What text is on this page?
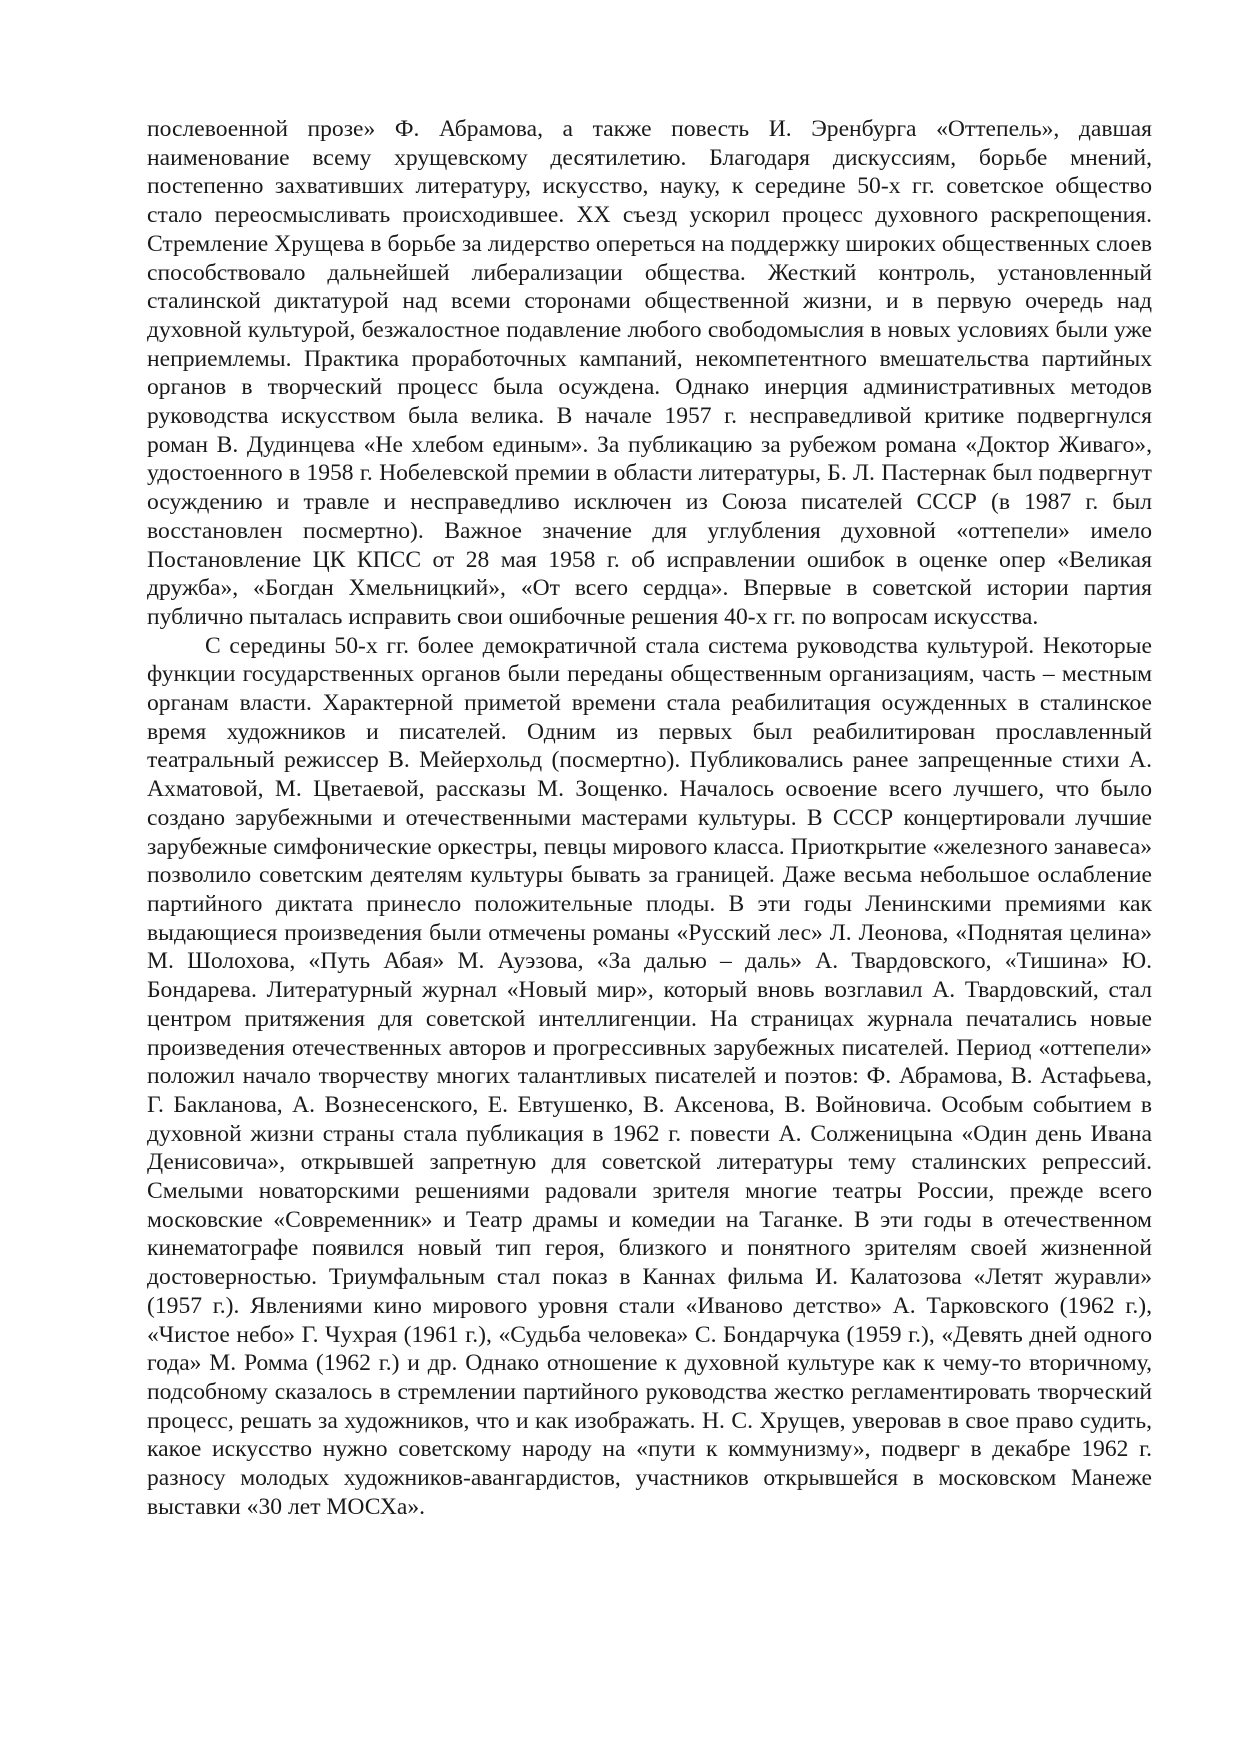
послевоенной прозе» Ф. Абрамова, а также повесть И. Эренбурга «Оттепель», давшая наименование всему хрущевскому десятилетию. Благодаря дискуссиям, борьбе мнений, постепенно захвативших литературу, искусство, науку, к середине 50-х гг. советское общество стало переосмысливать происходившее. XX съезд ускорил процесс духовного раскрепощения. Стремление Хрущева в борьбе за лидерство опереться на поддержку широких общественных слоев способствовало дальнейшей либерализации общества. Жесткий контроль, установленный сталинской диктатурой над всеми сторонами общественной жизни, и в первую очередь над духовной культурой, безжалостное подавление любого свободомыслия в новых условиях были уже неприемлемы. Практика проработочных кампаний, некомпетентного вмешательства партийных органов в творческий процесс была осуждена. Однако инерция административных методов руководства искусством была велика. В начале 1957 г. несправедливой критике подвергнулся роман В. Дудинцева «Не хлебом единым». За публикацию за рубежом романа «Доктор Живаго», удостоенного в 1958 г. Нобелевской премии в области литературы, Б. Л. Пастернак был подвергнут осуждению и травле и несправедливо исключен из Союза писателей СССР (в 1987 г. был восстановлен посмертно). Важное значение для углубления духовной «оттепели» имело Постановление ЦК КПСС от 28 мая 1958 г. об исправлении ошибок в оценке опер «Великая дружба», «Богдан Хмельницкий», «От всего сердца». Впервые в советской истории партия публично пыталась исправить свои ошибочные решения 40-х гг. по вопросам искусства.

С середины 50-х гг. более демократичной стала система руководства культурой. Некоторые функции государственных органов были переданы общественным организациям, часть – местным органам власти. Характерной приметой времени стала реабилитация осужденных в сталинское время художников и писателей. Одним из первых был реабилитирован прославленный театральный режиссер В. Мейерхольд (посмертно). Публиковались ранее запрещенные стихи А. Ахматовой, М. Цветаевой, рассказы М. Зощенко. Началось освоение всего лучшего, что было создано зарубежными и отечественными мастерами культуры. В СССР концертировали лучшие зарубежные симфонические оркестры, певцы мирового класса. Приоткрытие «железного занавеса» позволило советским деятелям культуры бывать за границей. Даже весьма небольшое ослабление партийного диктата принесло положительные плоды. В эти годы Ленинскими премиями как выдающиеся произведения были отмечены романы «Русский лес» Л. Леонова, «Поднятая целина» М. Шолохова, «Путь Абая» М. Ауэзова, «За далью – даль» А. Твардовского, «Тишина» Ю. Бондарева. Литературный журнал «Новый мир», который вновь возглавил А. Твардовский, стал центром притяжения для советской интеллигенции. На страницах журнала печатались новые произведения отечественных авторов и прогрессивных зарубежных писателей. Период «оттепели» положил начало творчеству многих талантливых писателей и поэтов: Ф. Абрамова, В. Астафьева, Г. Бакланова, А. Вознесенского, Е. Евтушенко, В. Аксенова, В. Войновича. Особым событием в духовной жизни страны стала публикация в 1962 г. повести А. Солженицына «Один день Ивана Денисовича», открывшей запретную для советской литературы тему сталинских репрессий. Смелыми новаторскими решениями радовали зрителя многие театры России, прежде всего московские «Современник» и Театр драмы и комедии на Таганке. В эти годы в отечественном кинематографе появился новый тип героя, близкого и понятного зрителям своей жизненной достоверностью. Триумфальным стал показ в Каннах фильма И. Калатозова «Летят журавли» (1957 г.). Явлениями кино мирового уровня стали «Иваново детство» А. Тарковского (1962 г.), «Чистое небо» Г. Чухрая (1961 г.), «Судьба человека» С. Бондарчука (1959 г.), «Девять дней одного года» М. Ромма (1962 г.) и др. Однако отношение к духовной культуре как к чему-то вторичному, подсобному сказалось в стремлении партийного руководства жестко регламентировать творческий процесс, решать за художников, что и как изображать. Н. С. Хрущев, уверовав в свое право судить, какое искусство нужно советскому народу на «пути к коммунизму», подверг в декабре 1962 г. разносу молодых художников-авангардистов, участников открывшейся в московском Манеже выставки «30 лет МОСХа».
